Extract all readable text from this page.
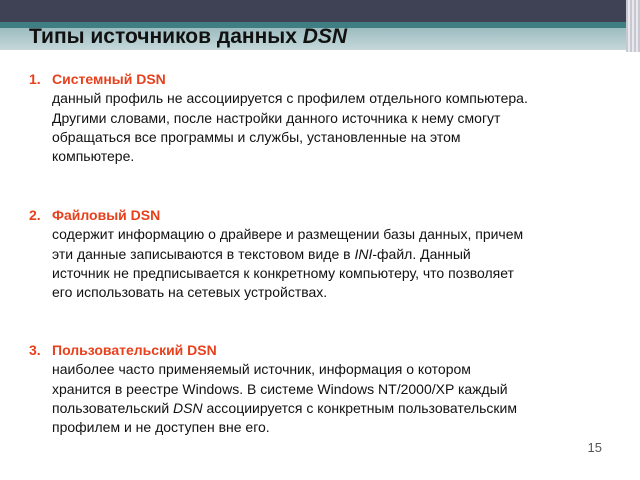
Типы источников данных DSN
1. Системный DSN
данный профиль не ассоциируется с профилем отдельного компьютера.
Другими словами, после настройки данного источника к нему смогут
обращаться все программы и службы, установленные на этом
компьютере.
2. Файловый DSN
содержит информацию о драйвере и размещении базы данных, причем
эти данные записываются в текстовом виде в INI-файл. Данный
источник не предписывается к конкретному компьютеру, что позволяет
его использовать на сетевых устройствах.
3. Пользовательский DSN
наиболее часто применяемый источник, информация о котором
хранится в реестре Windows. В системе Windows NT/2000/XP каждый
пользовательский DSN ассоциируется с конкретным пользовательским
профилем и не доступен вне его.
15
